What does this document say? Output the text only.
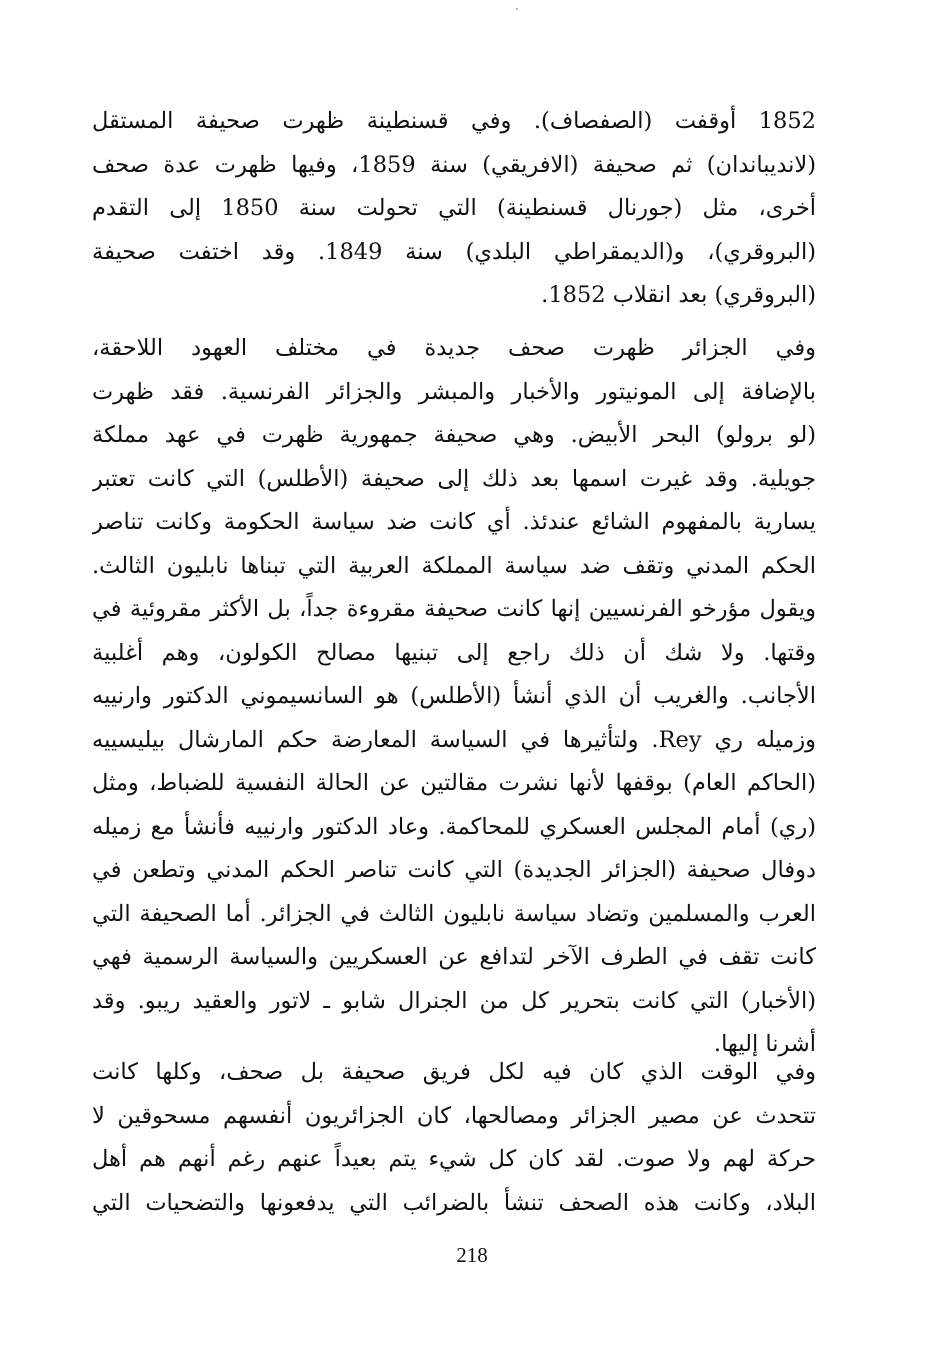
1852 أوقفت (الصفصاف). وفي قسنطينة ظهرت صحيفة المستقل
(لانديباندان) ثم صحيفة (الافريقي) سنة 1859، وفيها ظهرت عدة صحف
أخرى، مثل (جورنال قسنطينة) التي تحولت سنة 1850 إلى التقدم
(البروقري)، و(الديمقراطي البلدي) سنة 1849. وقد اختفت صحيفة
(البروقري) بعد انقلاب 1852.
وفي الجزائر ظهرت صحف جديدة في مختلف العهود اللاحقة،
بالإضافة إلى المونيتور والأخبار والمبشر والجزائر الفرنسية. فقد ظهرت
(لو برولو) البحر الأبيض. وهي صحيفة جمهورية ظهرت في عهد مملكة
جويلية. وقد غيرت اسمها بعد ذلك إلى صحيفة (الأطلس) التي كانت تعتبر
يسارية بالمفهوم الشائع عندئذ. أي كانت ضد سياسة الحكومة وكانت تناصر
الحكم المدني وتقف ضد سياسة المملكة العربية التي تبناها نابليون الثالث.
ويقول مؤرخو الفرنسيين إنها كانت صحيفة مقروءة جداً، بل الأكثر مقروئية في
وقتها. ولا شك أن ذلك راجع إلى تبنيها مصالح الكولون، وهم أغلبية
الأجانب. والغريب أن الذي أنشأ (الأطلس) هو السانسيموني الدكتور وارنييه
وزميله ري Rey. ولتأثيرها في السياسة المعارضة حكم المارشال بيليسييه
(الحاكم العام) بوقفها لأنها نشرت مقالتين عن الحالة النفسية للضباط، ومثل
(ري) أمام المجلس العسكري للمحاكمة. وعاد الدكتور وارنييه فأنشأ مع زميله
دوفال صحيفة (الجزائر الجديدة) التي كانت تناصر الحكم المدني وتطعن في
العرب والمسلمين وتضاد سياسة نابليون الثالث في الجزائر. أما الصحيفة التي
كانت تقف في الطرف الآخر لتدافع عن العسكريين والسياسة الرسمية فهي
(الأخبار) التي كانت بتحرير كل من الجنرال شابو ـ لاتور والعقيد ريبو. وقد
أشرنا إليها.
وفي الوقت الذي كان فيه لكل فريق صحيفة بل صحف، وكلها كانت
تتحدث عن مصير الجزائر ومصالحها، كان الجزائريون أنفسهم مسحوقين لا
حركة لهم ولا صوت. لقد كان كل شيء يتم بعيداً عنهم رغم أنهم هم أهل
البلاد، وكانت هذه الصحف تنشأ بالضرائب التي يدفعونها والتضحيات التي
218
